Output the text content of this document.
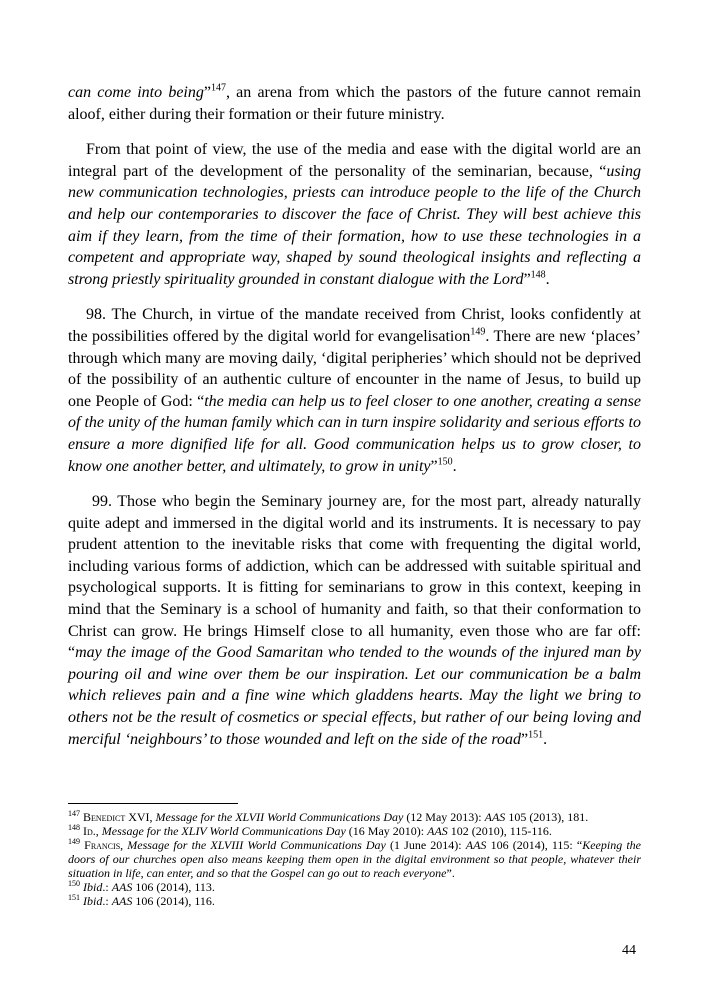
can come into being”$^{147}$, an arena from which the pastors of the future cannot remain aloof, either during their formation or their future ministry.

From that point of view, the use of the media and ease with the digital world are an integral part of the development of the personality of the seminarian, because, “using new communication technologies, priests can introduce people to the life of the Church and help our contemporaries to discover the face of Christ. They will best achieve this aim if they learn, from the time of their formation, how to use these technologies in a competent and appropriate way, shaped by sound theological insights and reflecting a strong priestly spirituality grounded in constant dialogue with the Lord”$^{148}$.

98. The Church, in virtue of the mandate received from Christ, looks confidently at the possibilities offered by the digital world for evangelisation$^{149}$. There are new ‘places’ through which many are moving daily, ‘digital peripheries’ which should not be deprived of the possibility of an authentic culture of encounter in the name of Jesus, to build up one People of God: “the media can help us to feel closer to one another, creating a sense of the unity of the human family which can in turn inspire solidarity and serious efforts to ensure a more dignified life for all. Good communication helps us to grow closer, to know one another better, and ultimately, to grow in unity”$^{150}$.

99. Those who begin the Seminary journey are, for the most part, already naturally quite adept and immersed in the digital world and its instruments. It is necessary to pay prudent attention to the inevitable risks that come with frequenting the digital world, including various forms of addiction, which can be addressed with suitable spiritual and psychological supports. It is fitting for seminarians to grow in this context, keeping in mind that the Seminary is a school of humanity and faith, so that their conformation to Christ can grow. He brings Himself close to all humanity, even those who are far off: “may the image of the Good Samaritan who tended to the wounds of the injured man by pouring oil and wine over them be our inspiration. Let our communication be a balm which relieves pain and a fine wine which gladdens hearts. May the light we bring to others not be the result of cosmetics or special effects, but rather of our being loving and merciful ‘neighbours’ to those wounded and left on the side of the road”$^{151}$.

$^{147}$ Benedict XVI, Message for the XLVII World Communications Day (12 May 2013): AAS 105 (2013), 181.

$^{148}$ Id., Message for the XLIV World Communications Day (16 May 2010): AAS 102 (2010), 115-116.

$^{149}$ Francis, Message for the XLVIII World Communications Day (1 June 2014): AAS 106 (2014), 115: “Keeping the doors of our churches open also means keeping them open in the digital environment so that people, whatever their situation in life, can enter, and so that the Gospel can go out to reach everyone”.

$^{150}$ Ibid.: AAS 106 (2014), 113.

$^{151}$ Ibid.: AAS 106 (2014), 116.

44
